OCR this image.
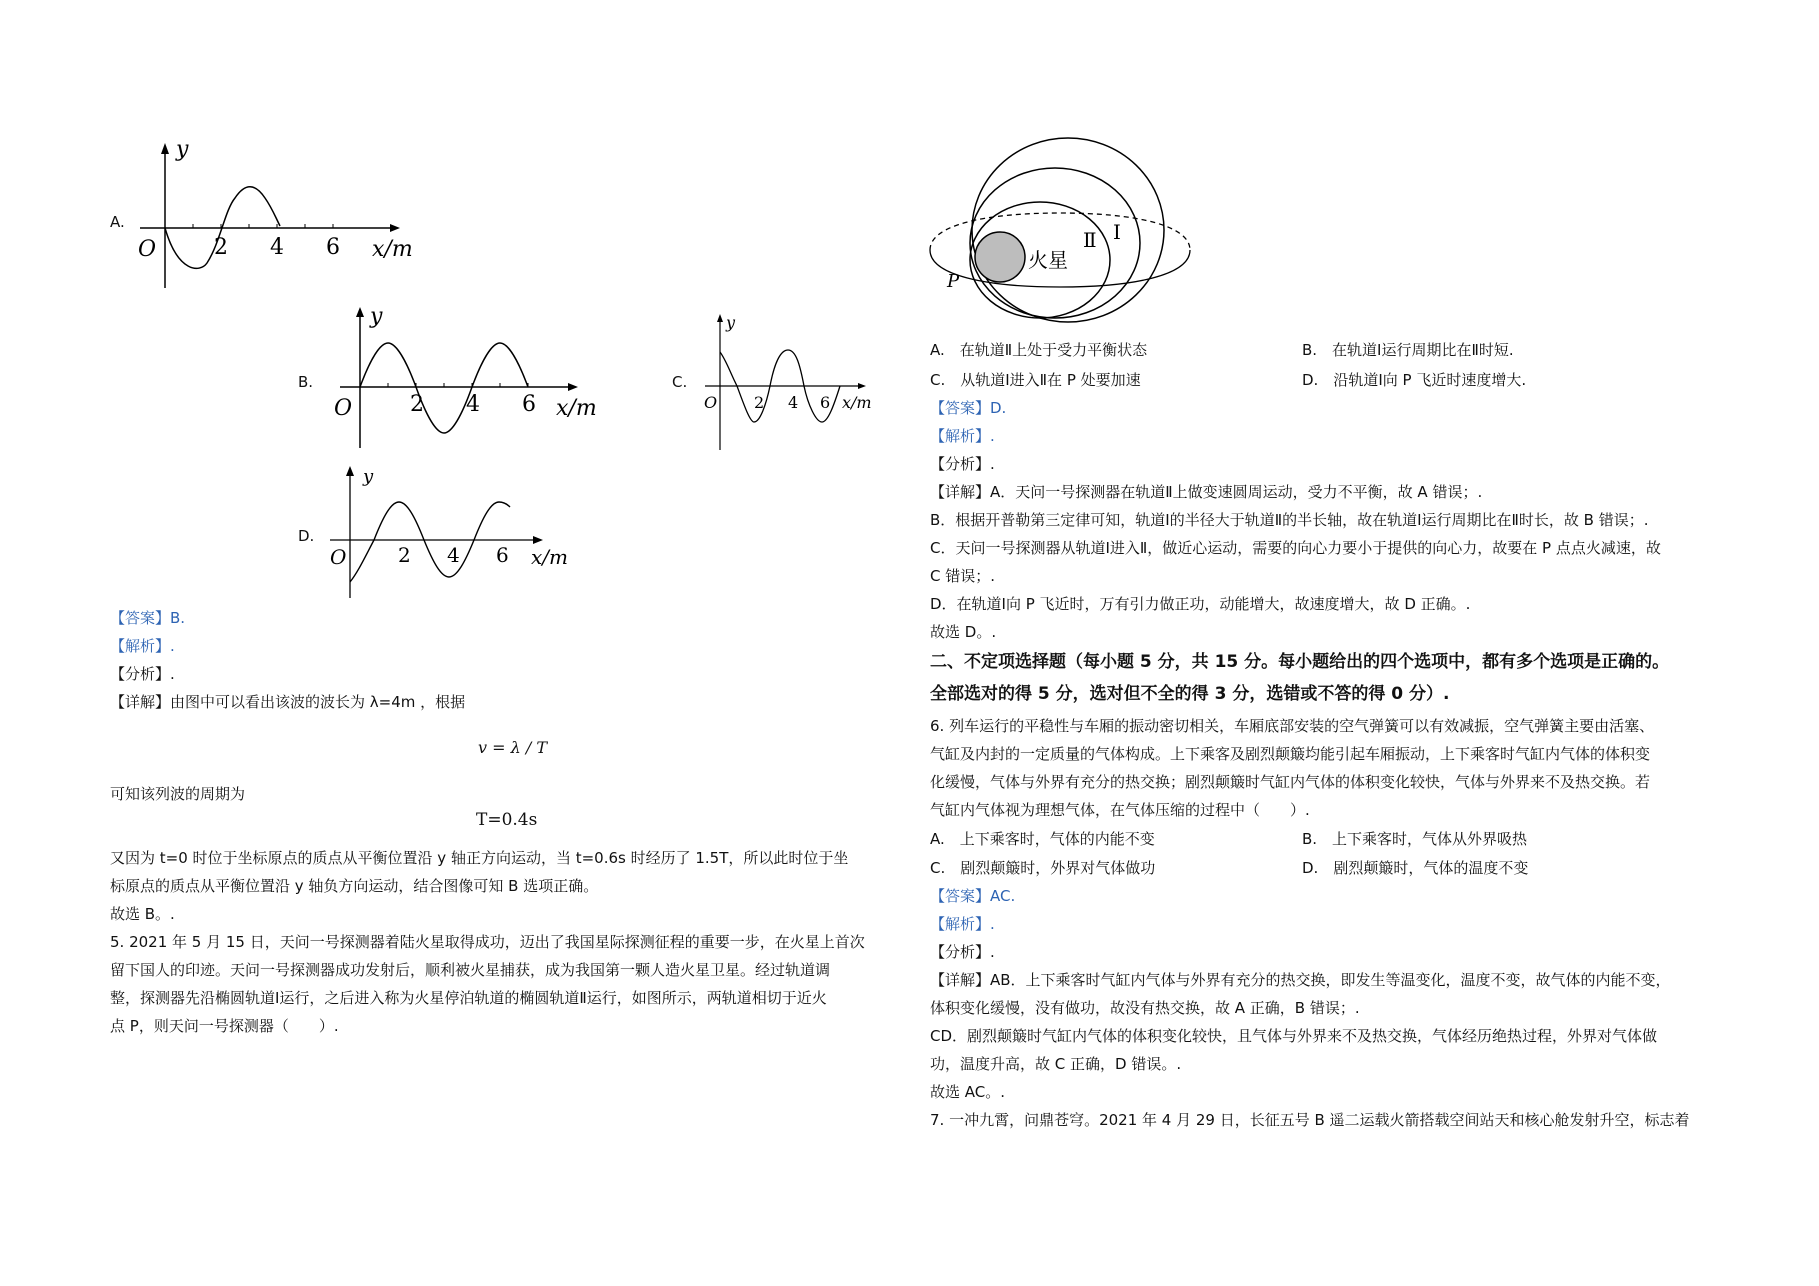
A.
y
O	2 4 6 x/m
B.
y
O	2 4 6 x/m
C.
y
O 2 4 6 x/m
D.
y
O	2 4 6 x/m
【答案】B.
【解析】.
【分析】.
【详解】由图中可以看出该波的波长为 λ=4m ，根据
v = λ / T
可知该列波的周期为
T=0.4s
又因为 t=0 时位于坐标原点的质点从平衡位置沿 y 轴正方向运动，当 t=0.6s 时经历了 1.5T，所以此时位于坐
标原点的质点从平衡位置沿 y 轴负方向运动，结合图像可知 B 选项正确。
故选 B。.
5. 2021 年 5 月 15 日，天问一号探测器着陆火星取得成功，迈出了我国星际探测征程的重要一步，在火星上首次
留下国人的印迹。天问一号探测器成功发射后，顺利被火星捕获，成为我国第一颗人造火星卫星。经过轨道调
整，探测器先沿椭圆轨道Ⅰ运行，之后进入称为火星停泊轨道的椭圆轨道Ⅱ运行，如图所示，两轨道相切于近火
点 P，则天问一号探测器（　　）.
火星
Ⅱ Ⅰ
P
A.　在轨道Ⅱ上处于受力平衡状态	B.　在轨道Ⅰ运行周期比在Ⅱ时短.
C.　从轨道Ⅰ进入Ⅱ在 P 处要加速	D.　沿轨道Ⅰ向 P 飞近时速度增大.
【答案】D.
【解析】.
【分析】.
【详解】A．天问一号探测器在轨道Ⅱ上做变速圆周运动，受力不平衡，故 A 错误；.
B．根据开普勒第三定律可知，轨道Ⅰ的半径大于轨道Ⅱ的半长轴，故在轨道Ⅰ运行周期比在Ⅱ时长，故 B 错误；.
C．天问一号探测器从轨道Ⅰ进入Ⅱ，做近心运动，需要的向心力要小于提供的向心力，故要在 P 点点火减速，故
C 错误；.
D．在轨道Ⅰ向 P 飞近时，万有引力做正功，动能增大，故速度增大，故 D 正确。.
故选 D。.
二、不定项选择题（每小题 5 分，共 15 分。每小题给出的四个选项中，都有多个选项是正确的。
全部选对的得 5 分，选对但不全的得 3 分，选错或不答的得 0 分）.
6. 列车运行的平稳性与车厢的振动密切相关，车厢底部安装的空气弹簧可以有效减振，空气弹簧主要由活塞、
气缸及内封的一定质量的气体构成。上下乘客及剧烈颠簸均能引起车厢振动，上下乘客时气缸内气体的体积变
化缓慢，气体与外界有充分的热交换；剧烈颠簸时气缸内气体的体积变化较快，气体与外界来不及热交换。若
气缸内气体视为理想气体，在气体压缩的过程中（　　）.
A.　上下乘客时，气体的内能不变	B.　上下乘客时，气体从外界吸热
C.　剧烈颠簸时，外界对气体做功	D.　剧烈颠簸时，气体的温度不变
【答案】AC.
【解析】.
【分析】.
【详解】AB．上下乘客时气缸内气体与外界有充分的热交换，即发生等温变化，温度不变，故气体的内能不变，
体积变化缓慢，没有做功，故没有热交换，故 A 正确，B 错误；.
CD．剧烈颠簸时气缸内气体的体积变化较快，且气体与外界来不及热交换，气体经历绝热过程，外界对气体做
功，温度升高，故 C 正确，D 错误。.
故选 AC。.
7. 一冲九霄，问鼎苍穹。2021 年 4 月 29 日，长征五号 B 遥二运载火箭搭载空间站天和核心舱发射升空，标志着
